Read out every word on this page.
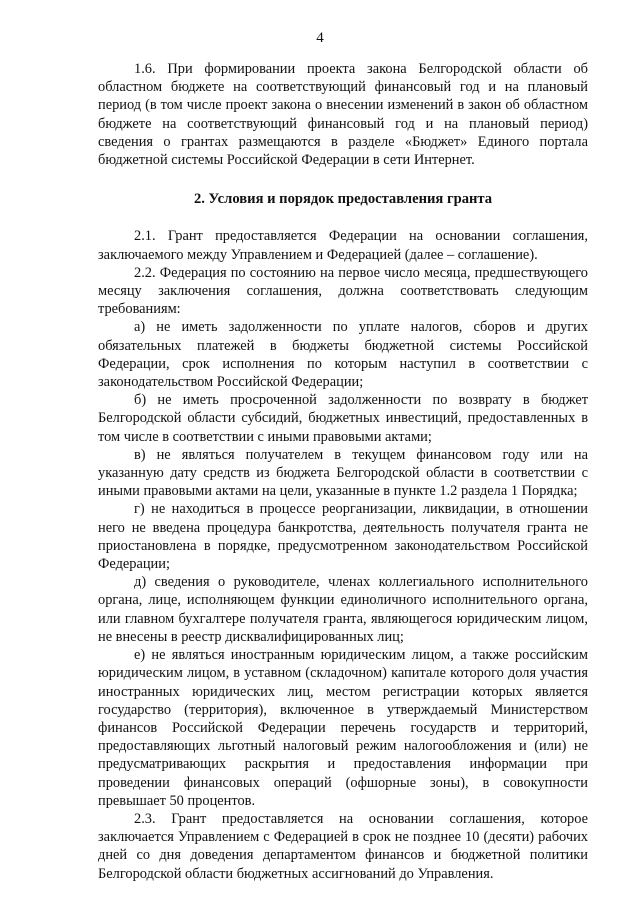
4

1.6. При формировании проекта закона Белгородской области об областном бюджете на соответствующий финансовый год и на плановый период (в том числе проект закона о внесении изменений в закон об областном бюджете на соответствующий финансовый год и на плановый период) сведения о грантах размещаются в разделе «Бюджет» Единого портала бюджетной системы Российской Федерации в сети Интернет.

2. Условия и порядок предоставления гранта

2.1. Грант предоставляется Федерации на основании соглашения, заключаемого между Управлением и Федерацией (далее – соглашение).

2.2. Федерация по состоянию на первое число месяца, предшествующего месяцу заключения соглашения, должна соответствовать следующим требованиям:

а) не иметь задолженности по уплате налогов, сборов и других обязательных платежей в бюджеты бюджетной системы Российской Федерации, срок исполнения по которым наступил в соответствии с законодательством Российской Федерации;

б) не иметь просроченной задолженности по возврату в бюджет Белгородской области субсидий, бюджетных инвестиций, предоставленных в том числе в соответствии с иными правовыми актами;

в) не являться получателем в текущем финансовом году или на указанную дату средств из бюджета Белгородской области в соответствии с иными правовыми актами на цели, указанные в пункте 1.2 раздела 1 Порядка;

г) не находиться в процессе реорганизации, ликвидации, в отношении него не введена процедура банкротства, деятельность получателя гранта не приостановлена в порядке, предусмотренном законодательством Российской Федерации;

д) сведения о руководителе, членах коллегиального исполнительного органа, лице, исполняющем функции единоличного исполнительного органа, или главном бухгалтере получателя гранта, являющегося юридическим лицом, не внесены в реестр дисквалифицированных лиц;

е) не являться иностранным юридическим лицом, а также российским юридическим лицом, в уставном (складочном) капитале которого доля участия иностранных юридических лиц, местом регистрации которых является государство (территория), включенное в утверждаемый Министерством финансов Российской Федерации перечень государств и территорий, предоставляющих льготный налоговый режим налогообложения и (или) не предусматривающих раскрытия и предоставления информации при проведении финансовых операций (офшорные зоны), в совокупности превышает 50 процентов.

2.3. Грант предоставляется на основании соглашения, которое заключается Управлением с Федерацией в срок не позднее 10 (десяти) рабочих дней со дня доведения департаментом финансов и бюджетной политики Белгородской области бюджетных ассигнований до Управления.
